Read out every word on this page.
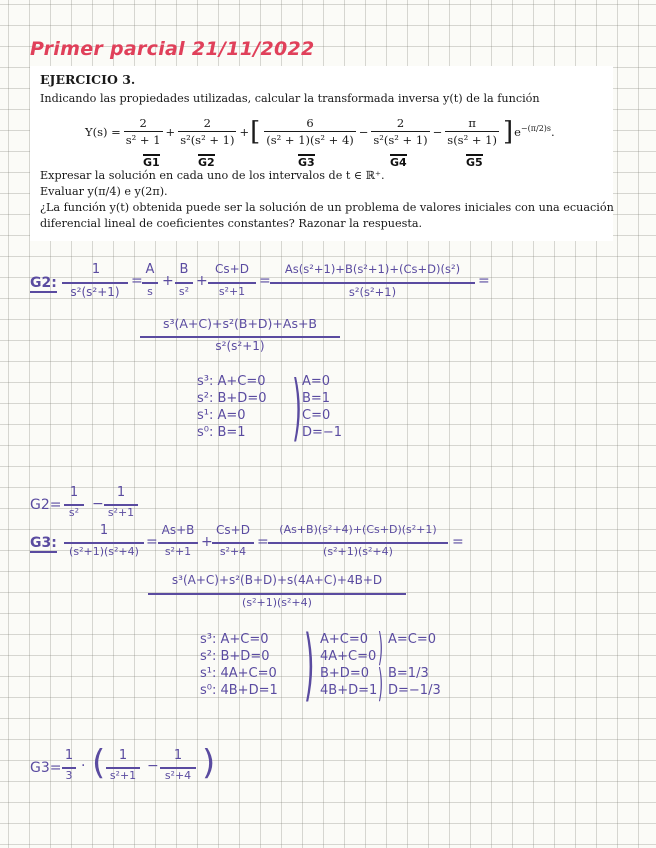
Primer parcial 21/11/2022
EJERCICIO 3.
Indicando las propiedades utilizadas, calcular la transformada inversa y(t) de la función
$Y(s) = \frac{2}{\text{s² + 1}} + \frac{2}{\text{s²(s² + 1)}}$ + [ $\frac{6}{\text{(s² + 1)(s² + 4)}} - \frac{2}{\text{s²(s² + 1)}} - \frac{\pi}{\text{s(s² + 1)}}$ ] $e^{-(\pi/2)s}$.
G1	G2	G3	G4	G5
Expresar la solución en cada uno de los intervalos de t ∈ ℝ⁺.
Evaluar y(π/4) e y(2π).
¿La función y(t) obtenida puede ser la solución de un problema de valores iniciales con una ecuación
diferencial lineal de coeficientes constantes? Razonar la respuesta.
G2:
1
s²(s²+1)
=
A
s
+
B
s²
+
Cs+D
s²+1
=
As(s²+1)+B(s²+1)+(Cs+D)(s²)
s²(s²+1)
=
s³(A+C)+s²(B+D)+As+B
s²(s²+1)
s³: A+C=0
s²: B+D=0
s¹: A=0
s⁰: B=1 ) A=0
B=1
C=0
D=−1
G2=
1
s²
−
1
s²+1
G3:
1
(s²+1)(s²+4)
=
As+B
s²+1
+
Cs+D
s²+4
=
(As+B)(s²+4)+(Cs+D)(s²+1)
(s²+1)(s²+4)
=
s³(A+C)+s²(B+D)+s(4A+C)+4B+D
(s²+1)(s²+4)
s³: A+C=0
s²: B+D=0
s¹: 4A+C=0
s⁰: 4B+D=1 ) A+C=0
4A+C=0
B+D=0
4B+D=1
)
)
A=C=0
B=1/3
D=−1/3
G3=
1
3
· (	1
s²+1
−
1
s²+4 )
